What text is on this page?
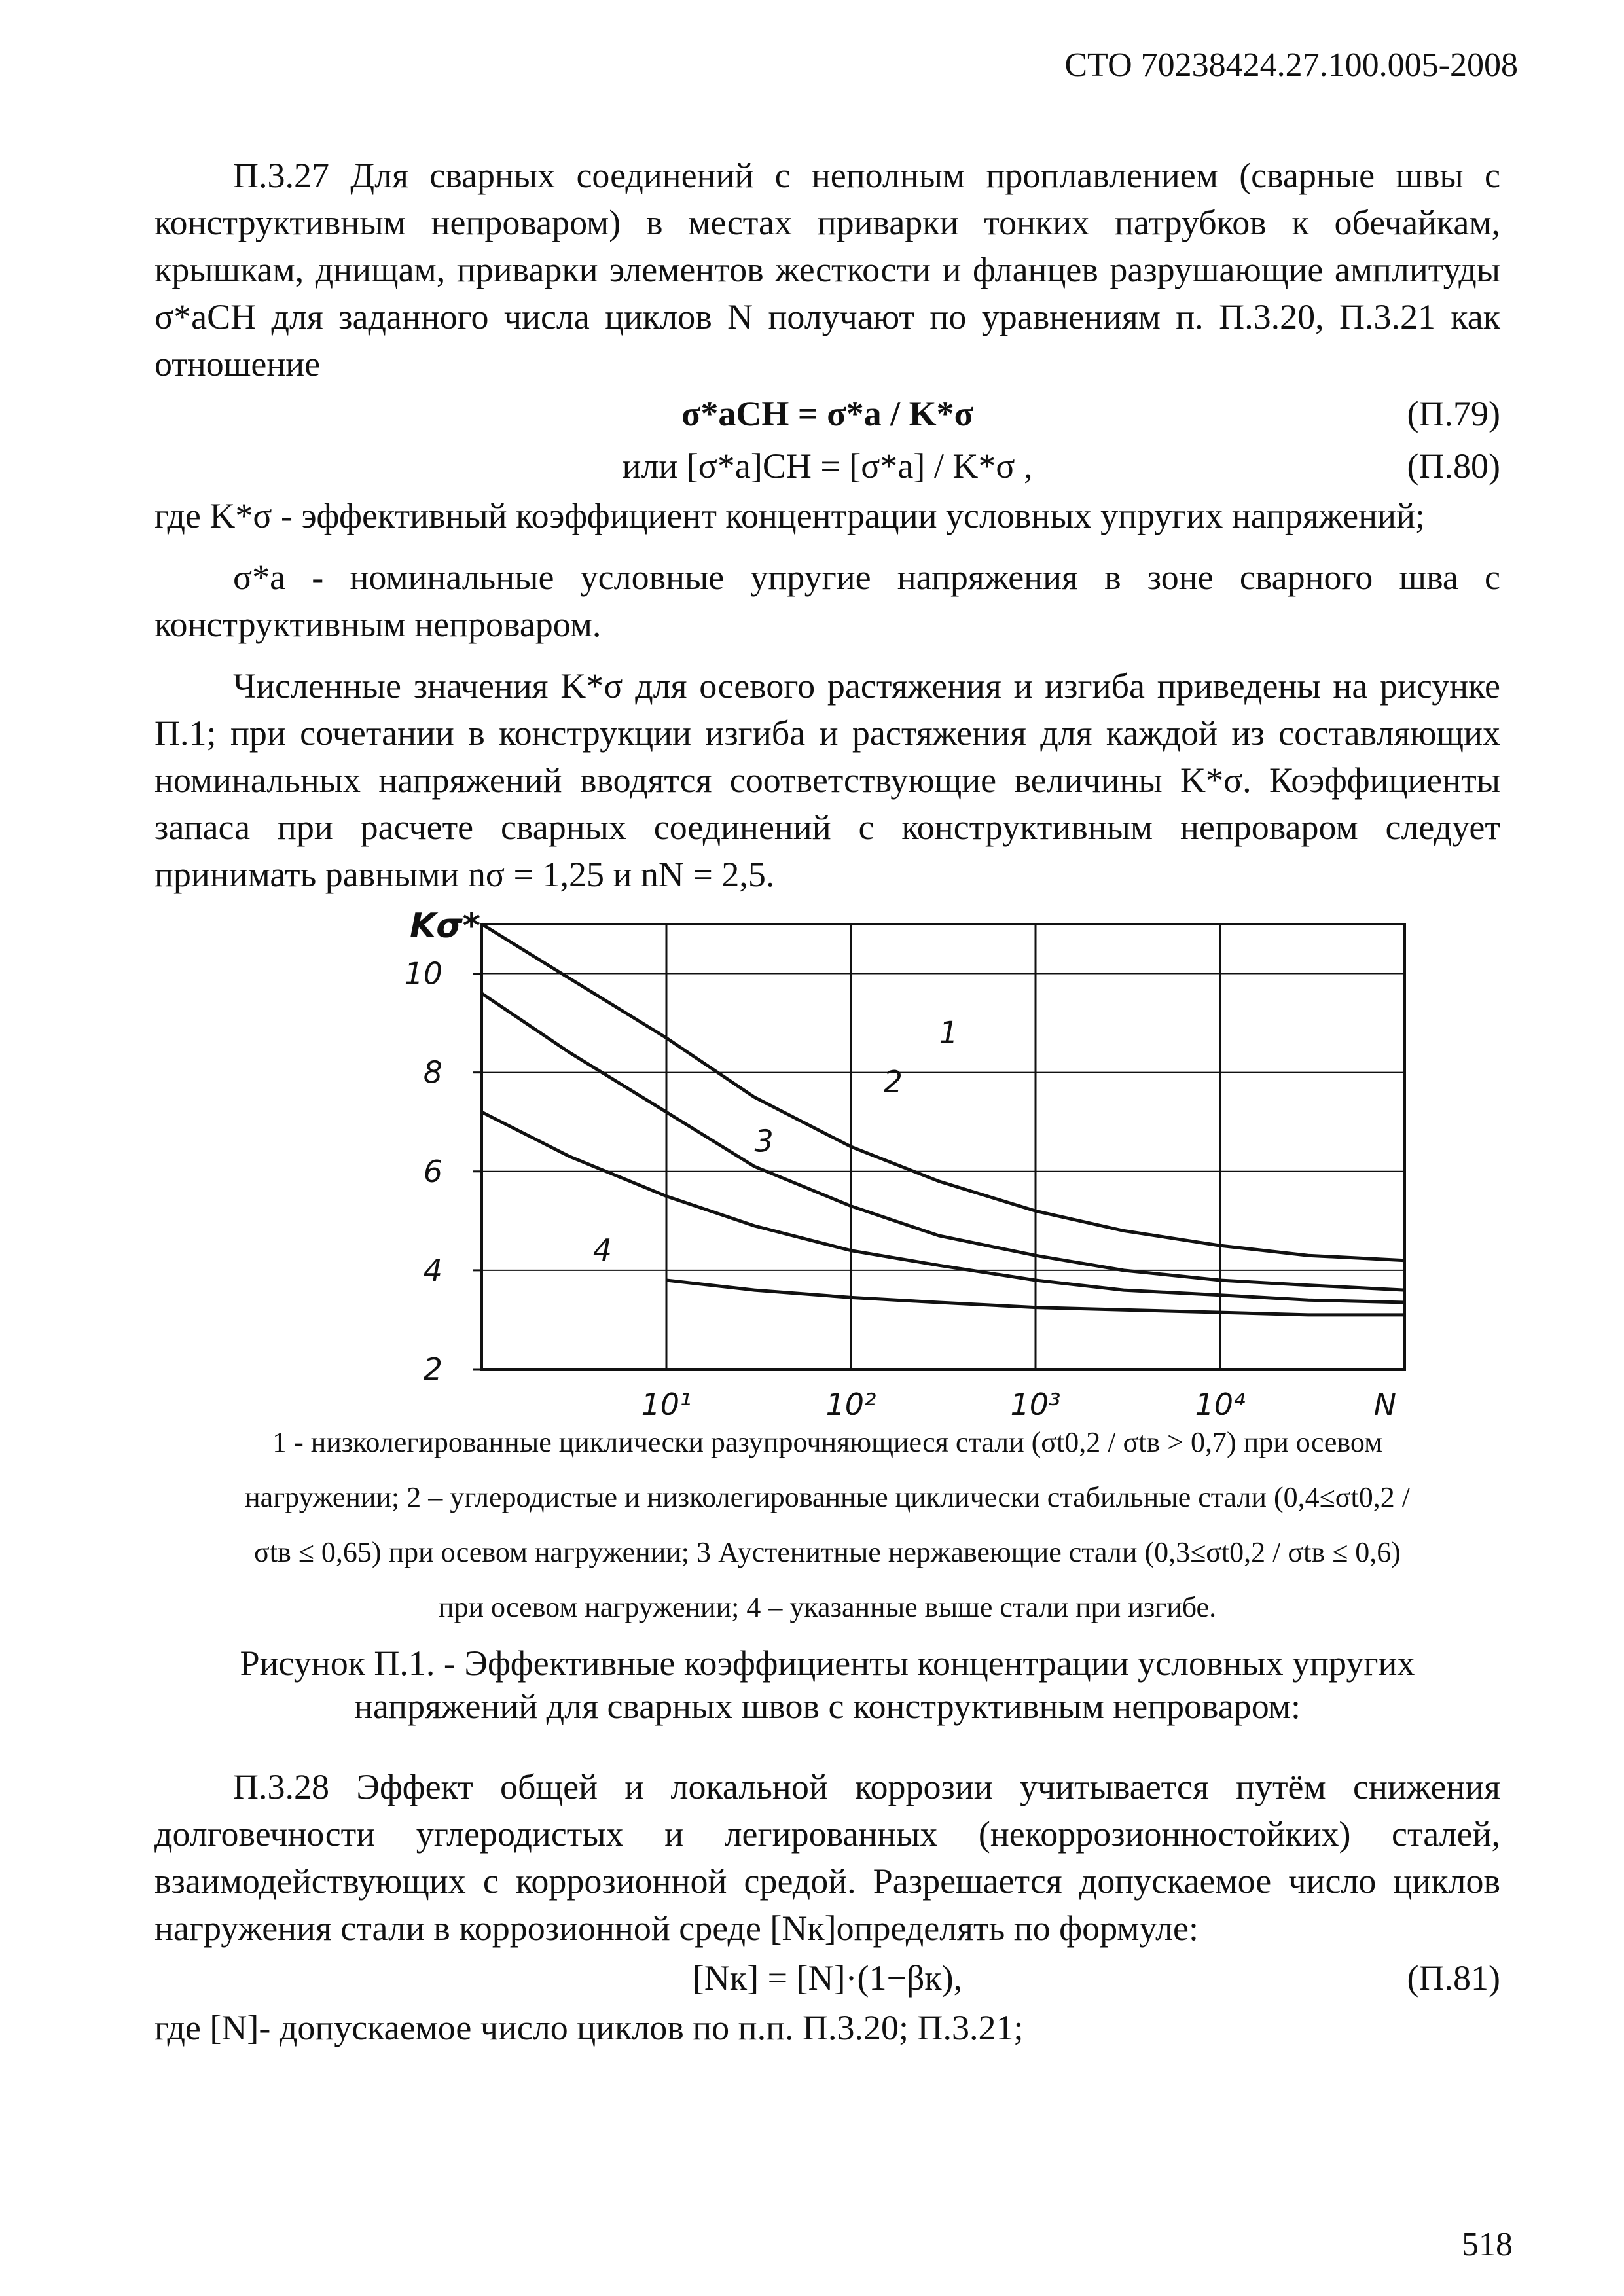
СТО 70238424.27.100.005-2008

П.3.27 Для сварных соединений с неполным проплавлением (сварные швы с конструктивным непроваром) в местах приварки тонких патрубков к обечайкам, крышкам, днищам, приварки элементов жесткости и фланцев разрушающие амплитуды σ*aCH для заданного числа циклов N получают по уравнениям п. П.3.20, П.3.21 как отношение

σ*aCH = σ*a / K*σ	(П.79)
или [σ*a]CH = [σ*a] / K*σ ,	(П.80)

где K*σ - эффективный коэффициент концентрации условных упругих напряжений;

σ*a - номинальные условные упругие напряжения в зоне сварного шва с конструктивным непроваром.

Численные значения K*σ для осевого растяжения и изгиба приведены на рисунке П.1; при сочетании в конструкции изгиба и растяжения для каждой из составляющих номинальных напряжений вводятся соответствующие величины K*σ. Коэффициенты запаса при расчете сварных соединений с конструктивным непроваром следует принимать равными nσ = 1,25 и nN = 2,5.

10
8
6
4
2
Kσ*
10¹	10²	10³	10⁴	N
1
2
3
4

1 - низколегированные циклически разупрочняющиеся стали (σt0,2 / σtв > 0,7) при осевом

нагружении; 2 – углеродистые и низколегированные циклически стабильные стали (0,4≤σt0,2 /

σtв ≤ 0,65) при осевом нагружении; 3 Аустенитные нержавеющие стали (0,3≤σt0,2 / σtв ≤ 0,6)

при осевом нагружении; 4 – указанные выше стали при изгибе.

Рисунок П.1. - Эффективные коэффициенты концентрации условных упругих напряжений для сварных швов с конструктивным непроваром:

П.3.28 Эффект общей и локальной коррозии учитывается путём снижения долговечности углеродистых и легированных (некоррозионностойких) сталей, взаимодействующих с коррозионной средой. Разрешается допускаемое число циклов нагружения стали в коррозионной среде [Nк]определять по формуле:

[Nк] = [N]·(1−βк),	(П.81)

где [N]- допускаемое число циклов по п.п. П.3.20; П.3.21;

518
